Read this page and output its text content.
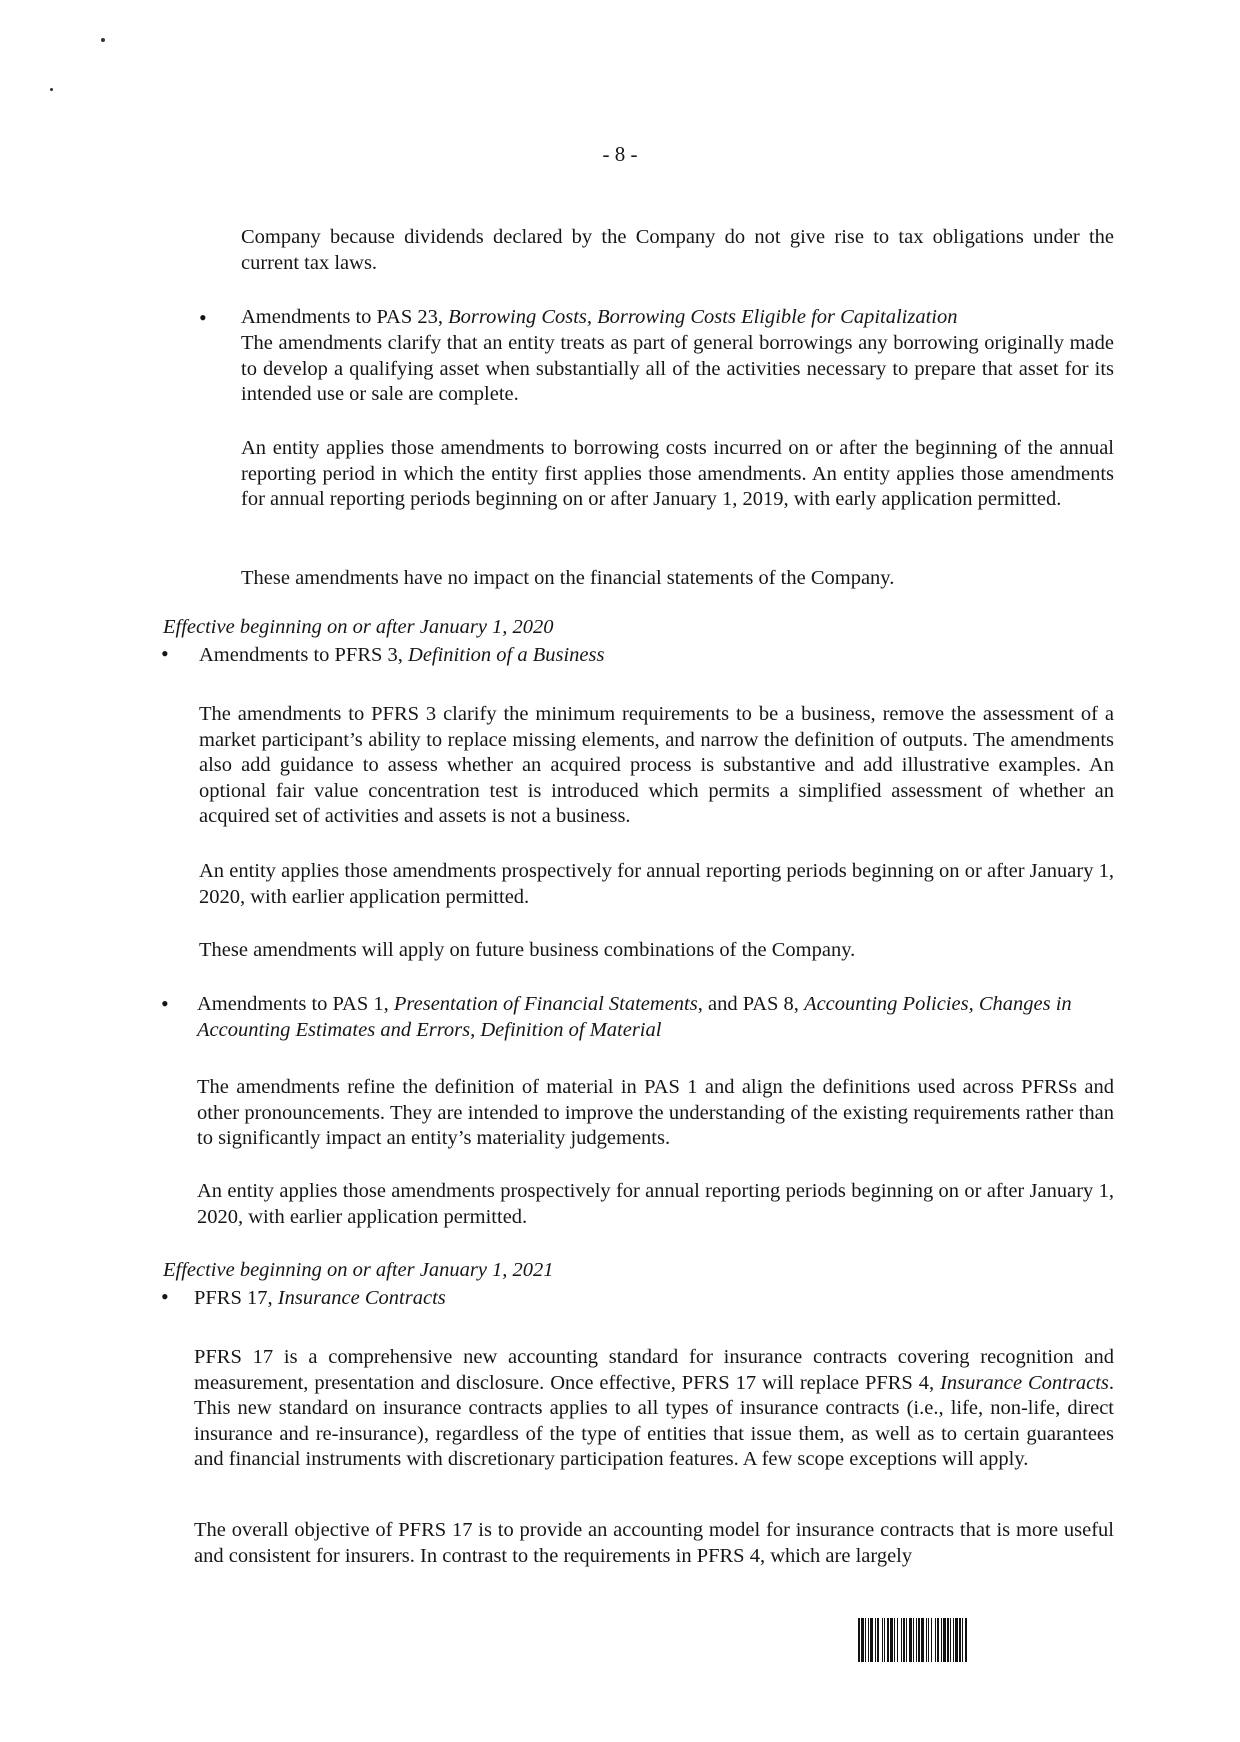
- 8 -
Company because dividends declared by the Company do not give rise to tax obligations under the current tax laws.
• Amendments to PAS 23, Borrowing Costs, Borrowing Costs Eligible for Capitalization
The amendments clarify that an entity treats as part of general borrowings any borrowing originally made to develop a qualifying asset when substantially all of the activities necessary to prepare that asset for its intended use or sale are complete.
An entity applies those amendments to borrowing costs incurred on or after the beginning of the annual reporting period in which the entity first applies those amendments. An entity applies those amendments for annual reporting periods beginning on or after January 1, 2019, with early application permitted.
These amendments have no impact on the financial statements of the Company.
Effective beginning on or after January 1, 2020
• Amendments to PFRS 3, Definition of a Business
The amendments to PFRS 3 clarify the minimum requirements to be a business, remove the assessment of a market participant’s ability to replace missing elements, and narrow the definition of outputs. The amendments also add guidance to assess whether an acquired process is substantive and add illustrative examples. An optional fair value concentration test is introduced which permits a simplified assessment of whether an acquired set of activities and assets is not a business.
An entity applies those amendments prospectively for annual reporting periods beginning on or after January 1, 2020, with earlier application permitted.
These amendments will apply on future business combinations of the Company.
• Amendments to PAS 1, Presentation of Financial Statements, and PAS 8, Accounting Policies, Changes in Accounting Estimates and Errors, Definition of Material
The amendments refine the definition of material in PAS 1 and align the definitions used across PFRSs and other pronouncements. They are intended to improve the understanding of the existing requirements rather than to significantly impact an entity’s materiality judgements.
An entity applies those amendments prospectively for annual reporting periods beginning on or after January 1, 2020, with earlier application permitted.
Effective beginning on or after January 1, 2021
• PFRS 17, Insurance Contracts
PFRS 17 is a comprehensive new accounting standard for insurance contracts covering recognition and measurement, presentation and disclosure. Once effective, PFRS 17 will replace PFRS 4, Insurance Contracts. This new standard on insurance contracts applies to all types of insurance contracts (i.e., life, non-life, direct insurance and re-insurance), regardless of the type of entities that issue them, as well as to certain guarantees and financial instruments with discretionary participation features. A few scope exceptions will apply.
The overall objective of PFRS 17 is to provide an accounting model for insurance contracts that is more useful and consistent for insurers. In contrast to the requirements in PFRS 4, which are largely
